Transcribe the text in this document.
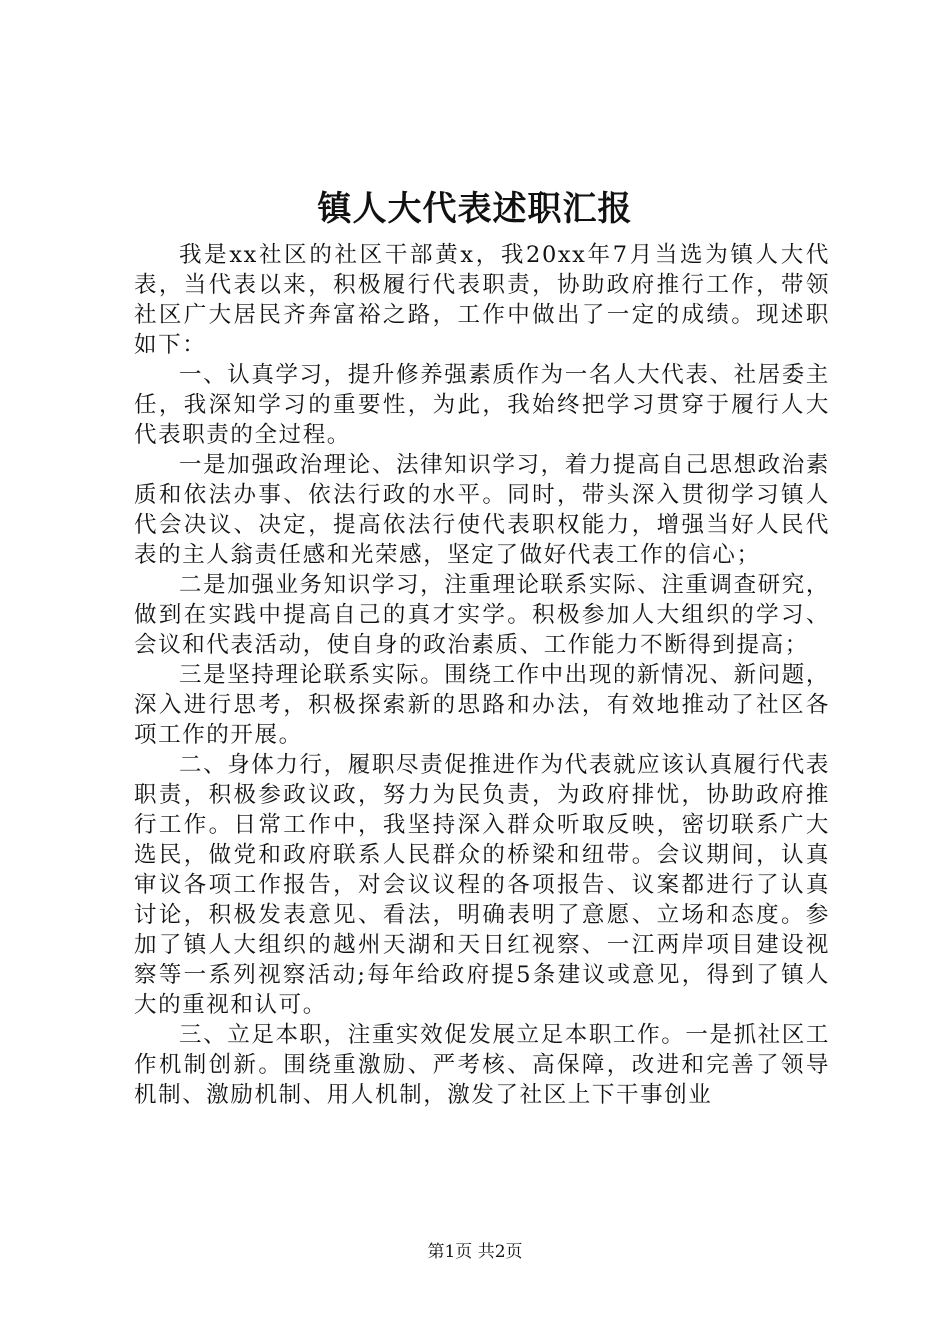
镇人大代表述职汇报

我是xx社区的社区干部黄x，我20xx年7月当选为镇人大代表，当代表以来，积极履行代表职责，协助政府推行工作，带领社区广大居民齐奔富裕之路，工作中做出了一定的成绩。现述职如下：

一、认真学习，提升修养强素质作为一名人大代表、社居委主任，我深知学习的重要性，为此，我始终把学习贯穿于履行人大代表职责的全过程。

一是加强政治理论、法律知识学习，着力提高自己思想政治素质和依法办事、依法行政的水平。同时，带头深入贯彻学习镇人代会决议、决定，提高依法行使代表职权能力，增强当好人民代表的主人翁责任感和光荣感，坚定了做好代表工作的信心；

二是加强业务知识学习，注重理论联系实际、注重调查研究，做到在实践中提高自己的真才实学。积极参加人大组织的学习、会议和代表活动，使自身的政治素质、工作能力不断得到提高；

三是坚持理论联系实际。围绕工作中出现的新情况、新问题，深入进行思考，积极探索新的思路和办法，有效地推动了社区各项工作的开展。

二、身体力行，履职尽责促推进作为代表就应该认真履行代表职责，积极参政议政，努力为民负责，为政府排忧，协助政府推行工作。日常工作中，我坚持深入群众听取反映，密切联系广大选民，做党和政府联系人民群众的桥梁和纽带。会议期间，认真审议各项工作报告，对会议议程的各项报告、议案都进行了认真讨论，积极发表意见、看法，明确表明了意愿、立场和态度。参加了镇人大组织的越州天湖和天日红视察、一江两岸项目建设视察等一系列视察活动;每年给政府提5条建议或意见，得到了镇人大的重视和认可。

三、立足本职，注重实效促发展立足本职工作。一是抓社区工作机制创新。围绕重激励、严考核、高保障，改进和完善了领导机制、激励机制、用人机制，激发了社区上下干事创业

第1页 共2页
